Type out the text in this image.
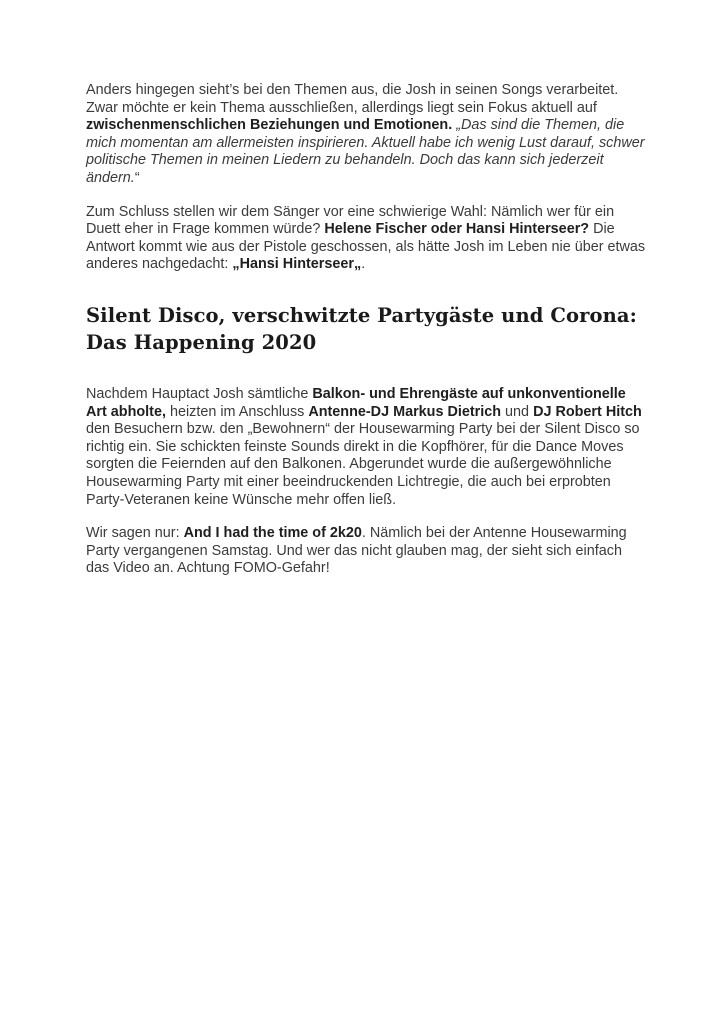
Anders hingegen sieht’s bei den Themen aus, die Josh in seinen Songs verarbeitet. Zwar möchte er kein Thema ausschließen, allerdings liegt sein Fokus aktuell auf zwischenmenschlichen Beziehungen und Emotionen. „Das sind die Themen, die mich momentan am allermeisten inspirieren. Aktuell habe ich wenig Lust darauf, schwer politische Themen in meinen Liedern zu behandeln. Doch das kann sich jederzeit ändern.“

Zum Schluss stellen wir dem Sänger vor eine schwierige Wahl: Nämlich wer für ein Duett eher in Frage kommen würde? Helene Fischer oder Hansi Hinterseer? Die Antwort kommt wie aus der Pistole geschossen, als hätte Josh im Leben nie über etwas anderes nachgedacht: „Hansi Hinterseer„.

Silent Disco, verschwitzte Partygäste und Corona:
Das Happening 2020

Nachdem Hauptact Josh sämtliche Balkon- und Ehrengäste auf unkonventionelle Art abholte, heizten im Anschluss Antenne-DJ Markus Dietrich und DJ Robert Hitch den Besuchern bzw. den „Bewohnern“ der Housewarming Party bei der Silent Disco so richtig ein. Sie schickten feinste Sounds direkt in die Kopfhörer, für die Dance Moves sorgten die Feiernden auf den Balkonen. Abgerundet wurde die außergewöhnliche Housewarming Party mit einer beeindruckenden Lichtregie, die auch bei erprobten Party-Veteranen keine Wünsche mehr offen ließ.

Wir sagen nur: And I had the time of 2k20. Nämlich bei der Antenne Housewarming Party vergangenen Samstag. Und wer das nicht glauben mag, der sieht sich einfach das Video an. Achtung FOMO-Gefahr!
